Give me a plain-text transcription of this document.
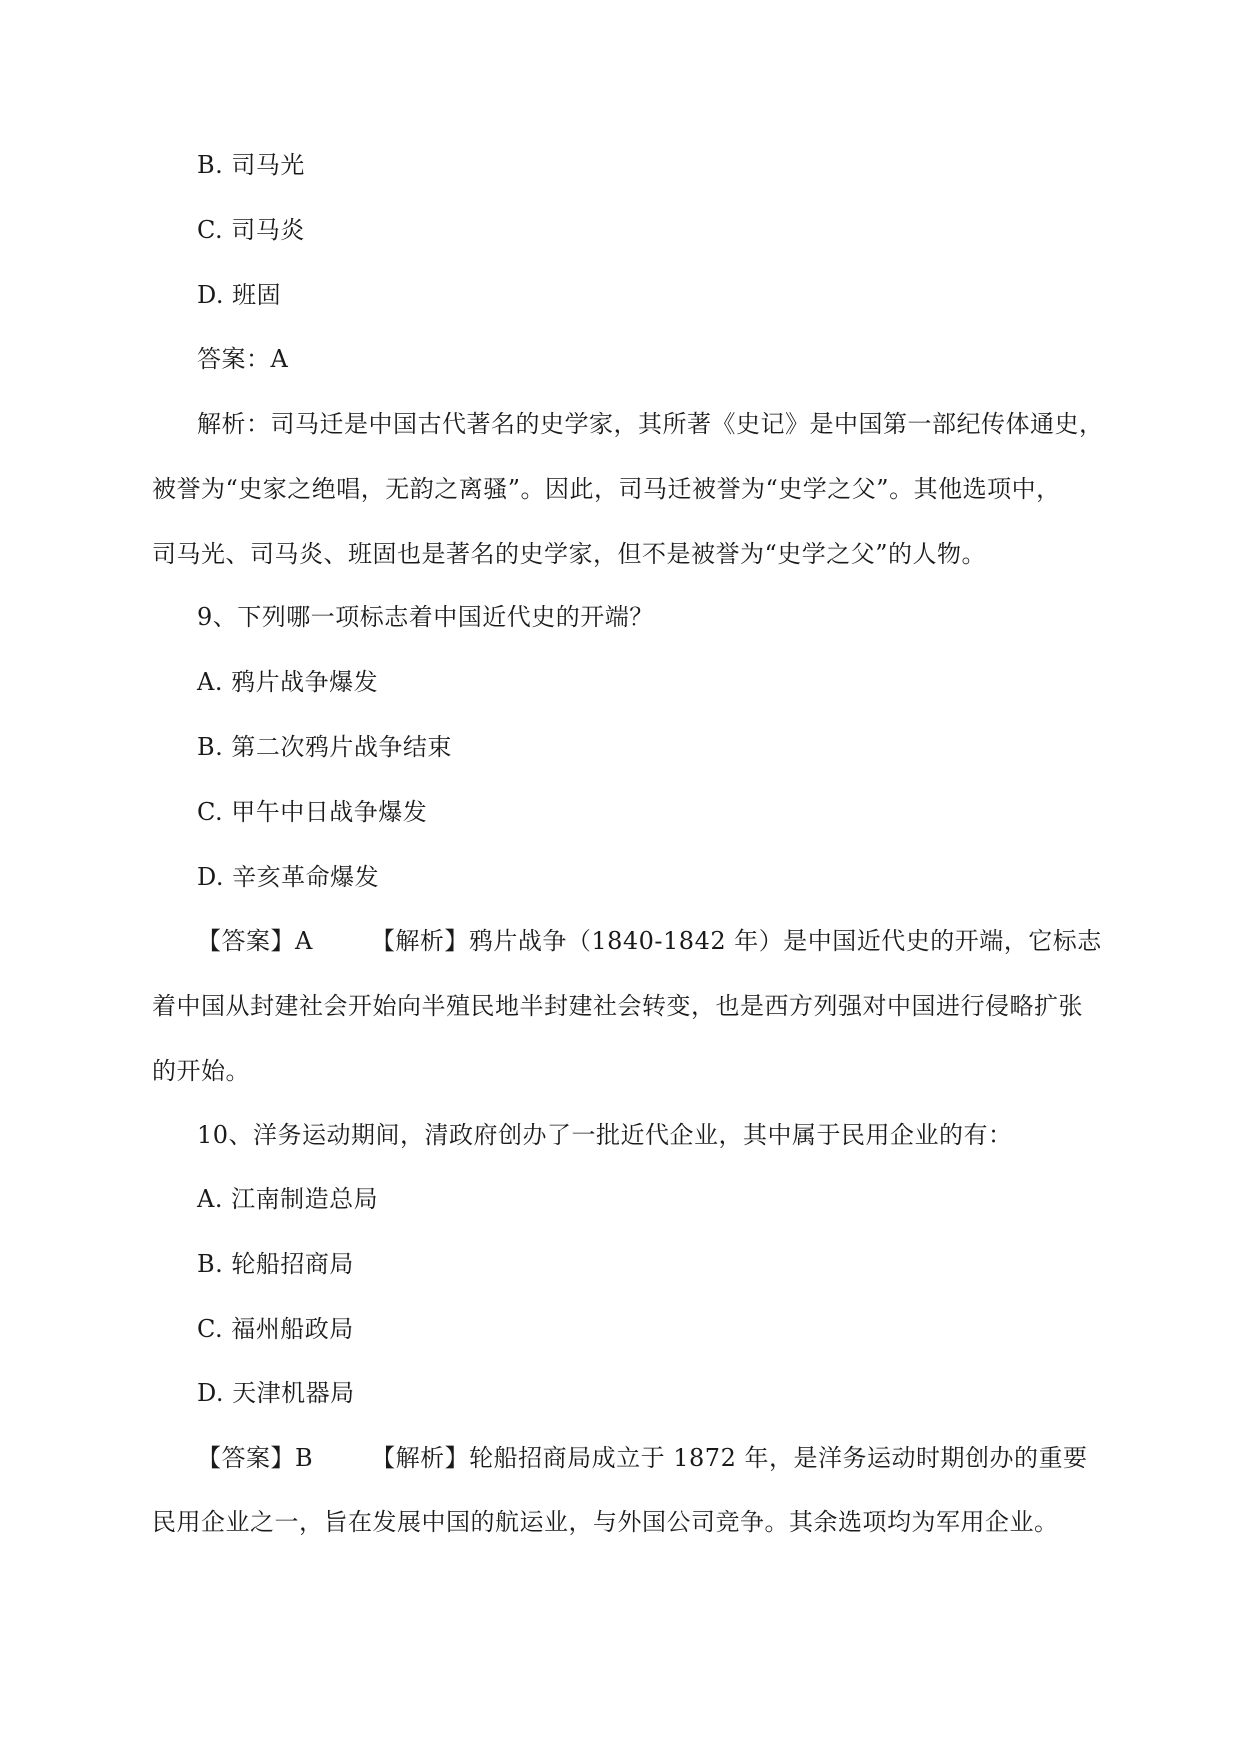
B. 司马光
C. 司马炎
D. 班固
答案：A
解析：司马迁是中国古代著名的史学家，其所著《史记》是中国第一部纪传体通史，
被誉为“史家之绝唱，无韵之离骚”。因此，司马迁被誉为“史学之父”。其他选项中，
司马光、司马炎、班固也是著名的史学家，但不是被誉为“史学之父”的人物。
9、下列哪一项标志着中国近代史的开端？
A. 鸦片战争爆发
B. 第二次鸦片战争结束
C. 甲午中日战争爆发
D. 辛亥革命爆发
【答案】A 【解析】鸦片战争（1840-1842 年）是中国近代史的开端，它标志
着中国从封建社会开始向半殖民地半封建社会转变，也是西方列强对中国进行侵略扩张
的开始。
10、洋务运动期间，清政府创办了一批近代企业，其中属于民用企业的有：
A. 江南制造总局
B. 轮船招商局
C. 福州船政局
D. 天津机器局
【答案】B 【解析】轮船招商局成立于 1872 年，是洋务运动时期创办的重要
民用企业之一，旨在发展中国的航运业，与外国公司竞争。其余选项均为军用企业。
